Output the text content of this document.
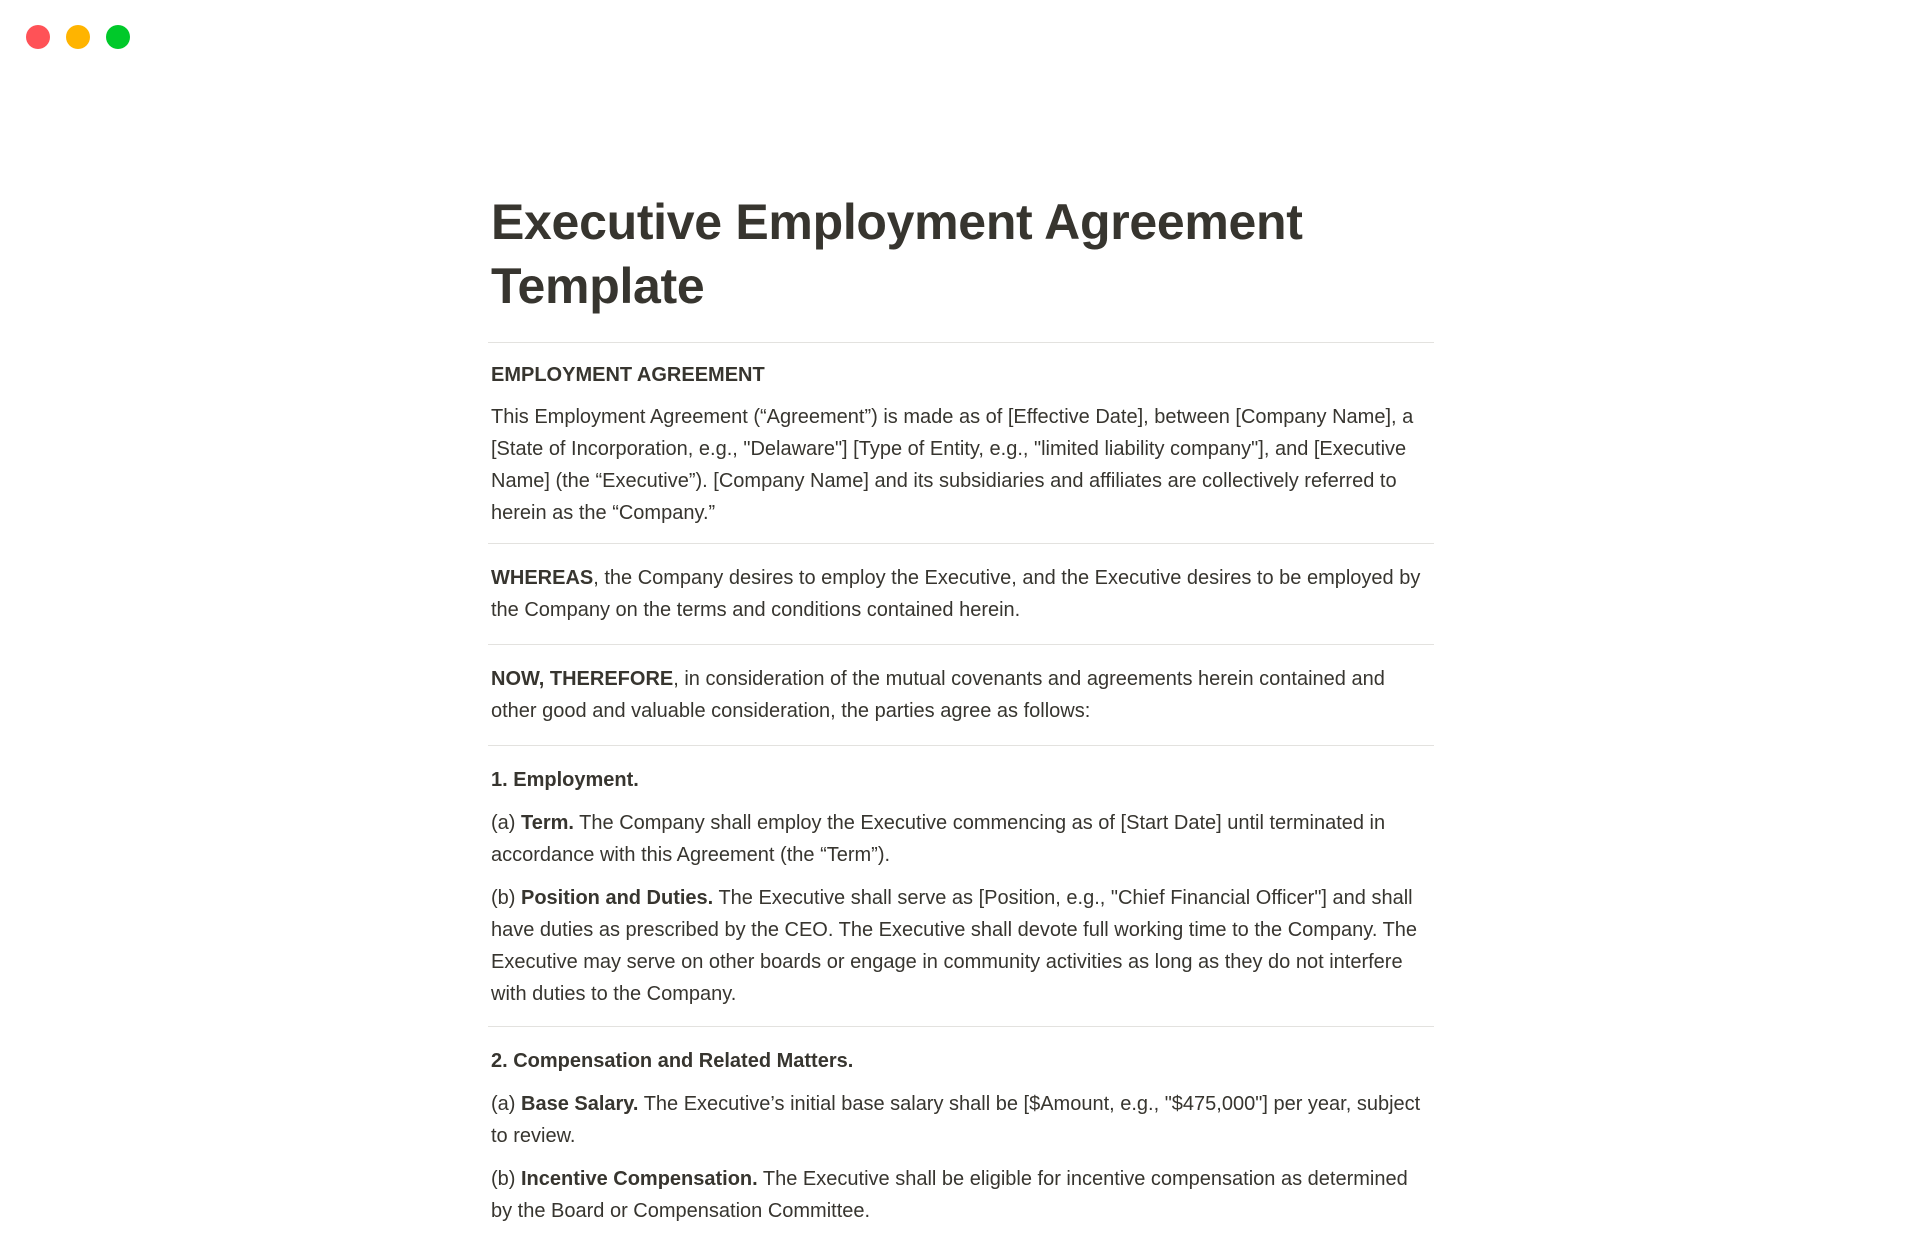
Executive Employment Agreement Template

EMPLOYMENT AGREEMENT

This Employment Agreement (“Agreement”) is made as of [Effective Date], between [Company Name], a [State of Incorporation, e.g., "Delaware"] [Type of Entity, e.g., "limited liability company"], and [Executive Name] (the “Executive”). [Company Name] and its subsidiaries and affiliates are collectively referred to herein as the “Company.”

WHEREAS, the Company desires to employ the Executive, and the Executive desires to be employed by the Company on the terms and conditions contained herein.

NOW, THEREFORE, in consideration of the mutual covenants and agreements herein contained and other good and valuable consideration, the parties agree as follows:

1. Employment.

(a) Term. The Company shall employ the Executive commencing as of [Start Date] until terminated in accordance with this Agreement (the “Term”).

(b) Position and Duties. The Executive shall serve as [Position, e.g., "Chief Financial Officer"] and shall have duties as prescribed by the CEO. The Executive shall devote full working time to the Company. The Executive may serve on other boards or engage in community activities as long as they do not interfere with duties to the Company.

2. Compensation and Related Matters.

(a) Base Salary. The Executive’s initial base salary shall be [$Amount, e.g., "$475,000"] per year, subject to review.

(b) Incentive Compensation. The Executive shall be eligible for incentive compensation as determined by the Board or Compensation Committee.
